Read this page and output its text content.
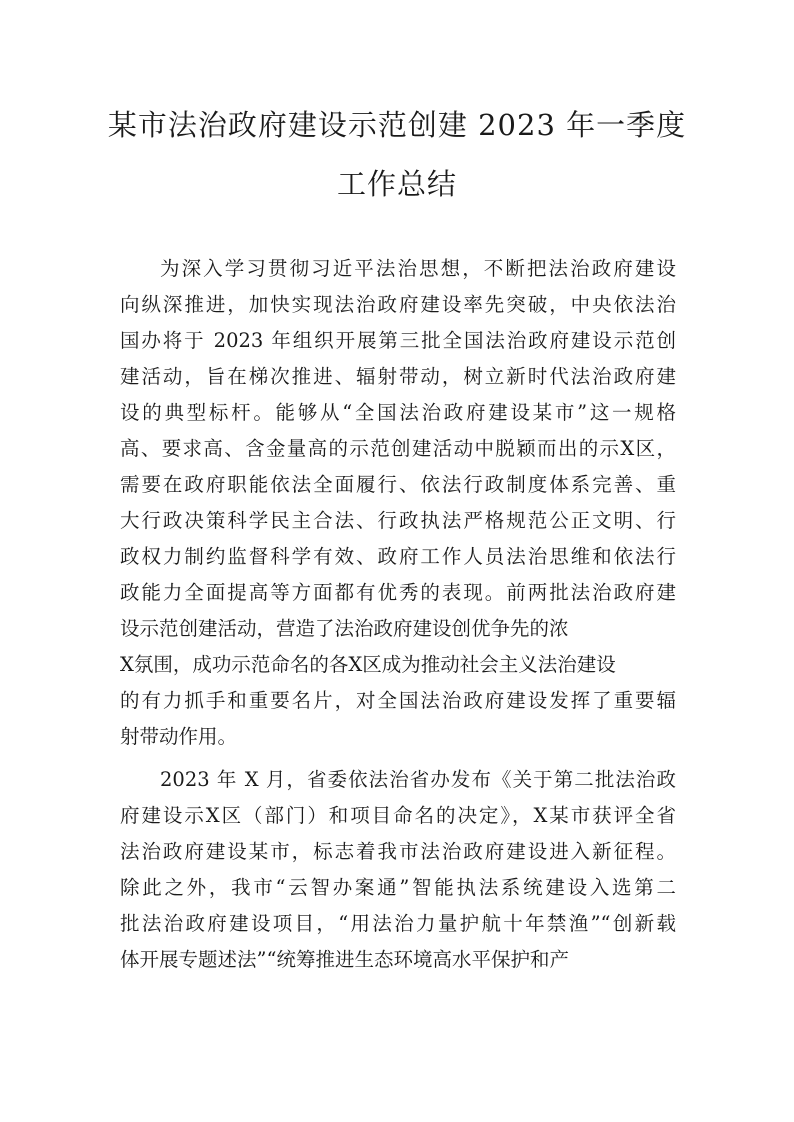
某市法治政府建设示范创建 2023 年一季度
工作总结
为深入学习贯彻习近平法治思想，不断把法治政府建设
向纵深推进，加快实现法治政府建设率先突破，中央依法治
国办将于 2023 年组织开展第三批全国法治政府建设示范创
建活动，旨在梯次推进、辐射带动，树立新时代法治政府建
设的典型标杆。能够从“全国法治政府建设某市”这一规格
高、要求高、含金量高的示范创建活动中脱颖而出的示X区，
需要在政府职能依法全面履行、依法行政制度体系完善、重
大行政决策科学民主合法、行政执法严格规范公正文明、行
政权力制约监督科学有效、政府工作人员法治思维和依法行
政能力全面提高等方面都有优秀的表现。前两批法治政府建
设示范创建活动，营造了法治政府建设创优争先的浓
X氛围，成功示范命名的各X区成为推动社会主义法治建设
的有力抓手和重要名片，对全国法治政府建设发挥了重要辐
射带动作用。
2023 年 X 月，省委依法治省办发布《关于第二批法治政
府建设示X区（部门）和项目命名的决定》，X某市获评全省
法治政府建设某市，标志着我市法治政府建设进入新征程。
除此之外，我市“云智办案通”智能执法系统建设入选第二
批法治政府建设项目，“用法治力量护航十年禁渔”“创新载
体开展专题述法”“统筹推进生态环境高水平保护和产
